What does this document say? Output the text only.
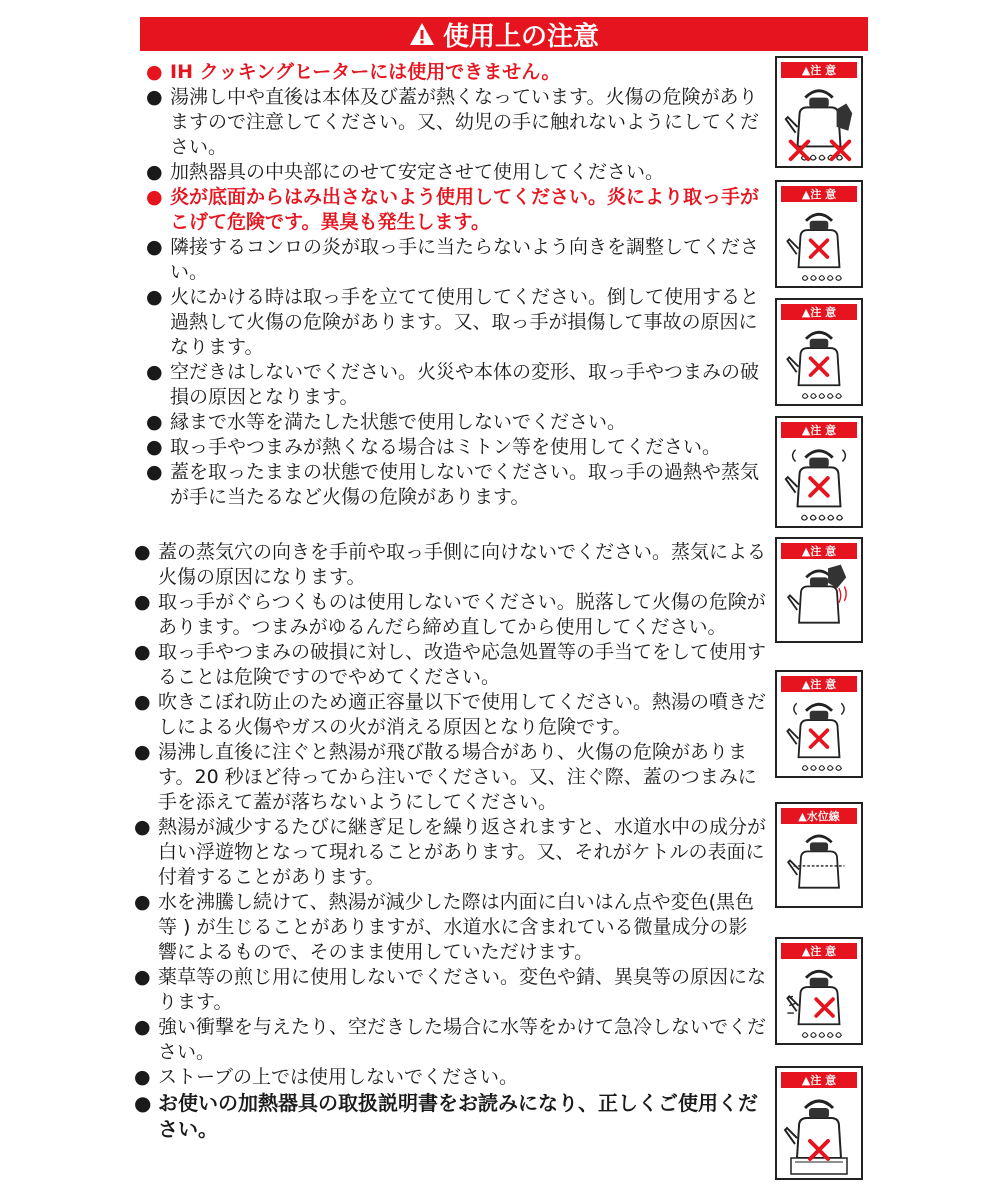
使用上の注意
● IH クッキングヒーターには使用できません。
● 湯沸し中や直後は本体及び蓋が熱くなっています。火傷の危険がありますので注意してください。又、幼児の手に触れないようにしてください。
● 加熱器具の中央部にのせて安定させて使用してください。
● 炎が底面からはみ出さないよう使用してください。炎により取っ手がこげて危険です。異臭も発生します。
● 隣接するコンロの炎が取っ手に当たらないよう向きを調整してください。
● 火にかける時は取っ手を立てて使用してください。倒して使用すると過熱して火傷の危険があります。又、取っ手が損傷して事故の原因になります。
● 空だきはしないでください。火災や本体の変形、取っ手やつまみの破損の原因となります。
● 縁まで水等を満たした状態で使用しないでください。
● 取っ手やつまみが熱くなる場合はミトン等を使用してください。
● 蓋を取ったままの状態で使用しないでください。取っ手の過熱や蒸気が手に当たるなど火傷の危険があります。
● 蓋の蒸気穴の向きを手前や取っ手側に向けないでください。蒸気による火傷の原因になります。
● 取っ手がぐらつくものは使用しないでください。脱落して火傷の危険があります。つまみがゆるんだら締め直してから使用してください。
● 取っ手やつまみの破損に対し、改造や応急処置等の手当てをして使用することは危険ですのでやめてください。
● 吹きこぼれ防止のため適正容量以下で使用してください。熱湯の噴きだしによる火傷やガスの火が消える原因となり危険です。
● 湯沸し直後に注ぐと熱湯が飛び散る場合があり、火傷の危険があります。20 秒ほど待ってから注いでください。又、注ぐ際、蓋のつまみに手を添えて蓋が落ちないようにしてください。
● 熱湯が減少するたびに継ぎ足しを繰り返されますと、水道水中の成分が白い浮遊物となって現れることがあります。又、それがケトルの表面に付着することがあります。
● 水を沸騰し続けて、熱湯が減少した際は内面に白いはん点や変色(黒色等 ) が生じることがありますが、水道水に含まれている微量成分の影響によるもので、そのまま使用していただけます。
● 薬草等の煎じ用に使用しないでください。変色や錆、異臭等の原因になります。
● 強い衝撃を与えたり、空だきした場合に水等をかけて急冷しないでください。
● ストーブの上では使用しないでください。
● お使いの加熱器具の取扱説明書をお読みになり、正しくご使用ください。
▲ 注 意
▲ 注 意
▲ 注 意
▲ 注 意
▲ 注 意
▲ 注 意
▲ 水位線
▲ 注 意
▲ 注 意
